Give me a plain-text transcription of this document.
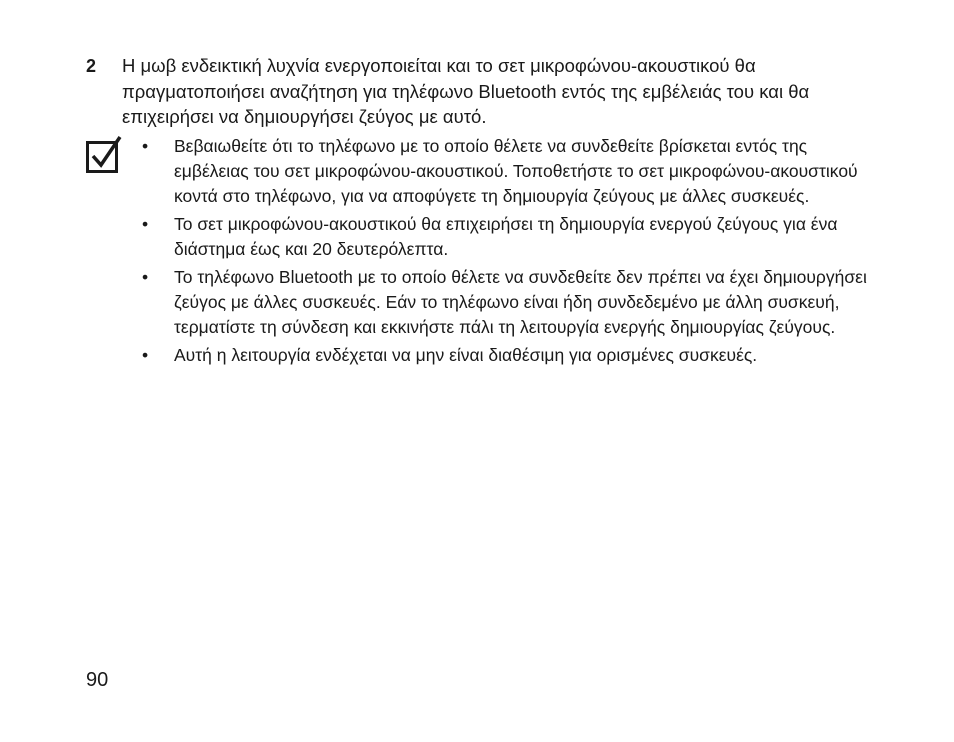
2 Η μωβ ενδεικτική λυχνία ενεργοποιείται και το σετ μικροφώνου-ακουστικού θα πραγματοποιήσει αναζήτηση για τηλέφωνο Bluetooth εντός της εμβέλειάς του και θα επιχειρήσει να δημιουργήσει ζεύγος με αυτό.
• Βεβαιωθείτε ότι το τηλέφωνο με το οποίο θέλετε να συνδεθείτε βρίσκεται εντός της εμβέλειας του σετ μικροφώνου-ακουστικού. Τοποθετήστε το σετ μικροφώνου-ακουστικού κοντά στο τηλέφωνο, για να αποφύγετε τη δημιουργία ζεύγους με άλλες συσκευές.
• Το σετ μικροφώνου-ακουστικού θα επιχειρήσει τη δημιουργία ενεργού ζεύγους για ένα διάστημα έως και 20 δευτερόλεπτα.
• Το τηλέφωνο Bluetooth με το οποίο θέλετε να συνδεθείτε δεν πρέπει να έχει δημιουργήσει ζεύγος με άλλες συσκευές. Εάν το τηλέφωνο είναι ήδη συνδεδεμένο με άλλη συσκευή, τερματίστε τη σύνδεση και εκκινήστε πάλι τη λειτουργία ενεργής δημιουργίας ζεύγους.
• Αυτή η λειτουργία ενδέχεται να μην είναι διαθέσιμη για ορισμένες συσκευές.
90
